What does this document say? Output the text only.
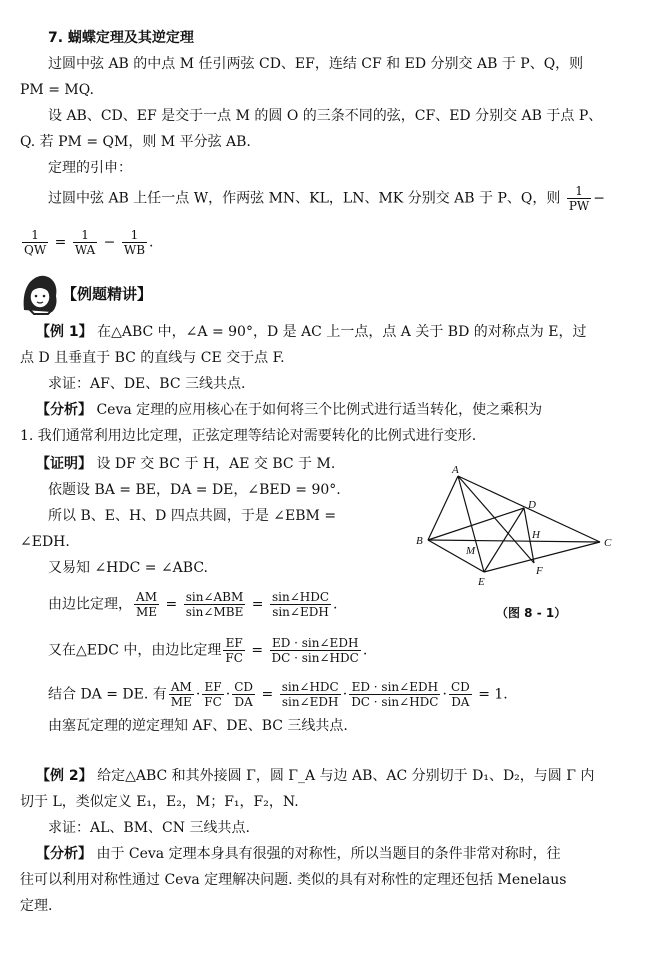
7. 蝴蝶定理及其逆定理
过圆中弦 AB 的中点 M 任引两弦 CD、EF，连结 CF 和 ED 分别交 AB 于 P、Q，则
PM = MQ.
设 AB、CD、EF 是交于一点 M 的圆 O 的三条不同的弦，CF、ED 分别交 AB 于点 P、
Q. 若 PM = QM，则 M 平分弦 AB.
定理的引申：
过圆中弦 AB 上任一点 W，作两弦 MN、KL，LN、MK 分别交 AB 于 P、Q，则 $\frac{1}{PW}$ −
$\frac{1}{QW} = \frac{1}{WA} - \frac{1}{WB}$ .
【例题精讲】
【例 1】 在△ABC 中，∠A = 90°，D 是 AC 上一点，点 A 关于 BD 的对称点为 E，过
点 D 且垂直于 BC 的直线与 CE 交于点 F.
求证：AF、DE、BC 三线共点.
【分析】 Ceva 定理的应用核心在于如何将三个比例式进行适当转化，使之乘积为
1. 我们通常利用边比定理，正弦定理等结论对需要转化的比例式进行变形.
【证明】 设 DF 交 BC 于 H，AE 交 BC 于 M.
依题设 BA = BE，DA = DE，∠BED = 90°.
所以 B、E、H、D 四点共圆，于是 ∠EBM =
∠EDH.
又易知 ∠HDC = ∠ABC.
由边比定理， $\frac{AM}{ME} = \frac{\text{sin∠ABM}}{\text{sin∠MBE}} = \frac{\text{sin∠HDC}}{\text{sin∠EDH}}$ .
又在△EDC 中，由边比定理 $\frac{EF}{FC} = \frac{\text{ED · sin∠EDH}}{\text{DC · sin∠HDC}}$ .
结合 DA = DE. 有 $\frac{AM}{ME} \cdot \frac{EF}{FC} \cdot \frac{CD}{DA} = \frac{\text{sin∠HDC}}{\text{sin∠EDH}} \cdot \frac{\text{ED · sin∠EDH}}{\text{DC · sin∠HDC}} \cdot \frac{CD}{DA} = 1$.
由塞瓦定理的逆定理知 AF、DE、BC 三线共点.
A
B	C
D
E
F
H
M
（图 8 - 1）
【例 2】 给定△ABC 和其外接圆 Γ，圆 Γ_A 与边 AB、AC 分别切于 D₁、D₂，与圆 Γ 内
切于 L，类似定义 E₁，E₂，M；F₁，F₂，N.
求证：AL、BM、CN 三线共点.
【分析】 由于 Ceva 定理本身具有很强的对称性，所以当题目的条件非常对称时，往
往可以利用对称性通过 Ceva 定理解决问题. 类似的具有对称性的定理还包括 Menelaus
定理.
